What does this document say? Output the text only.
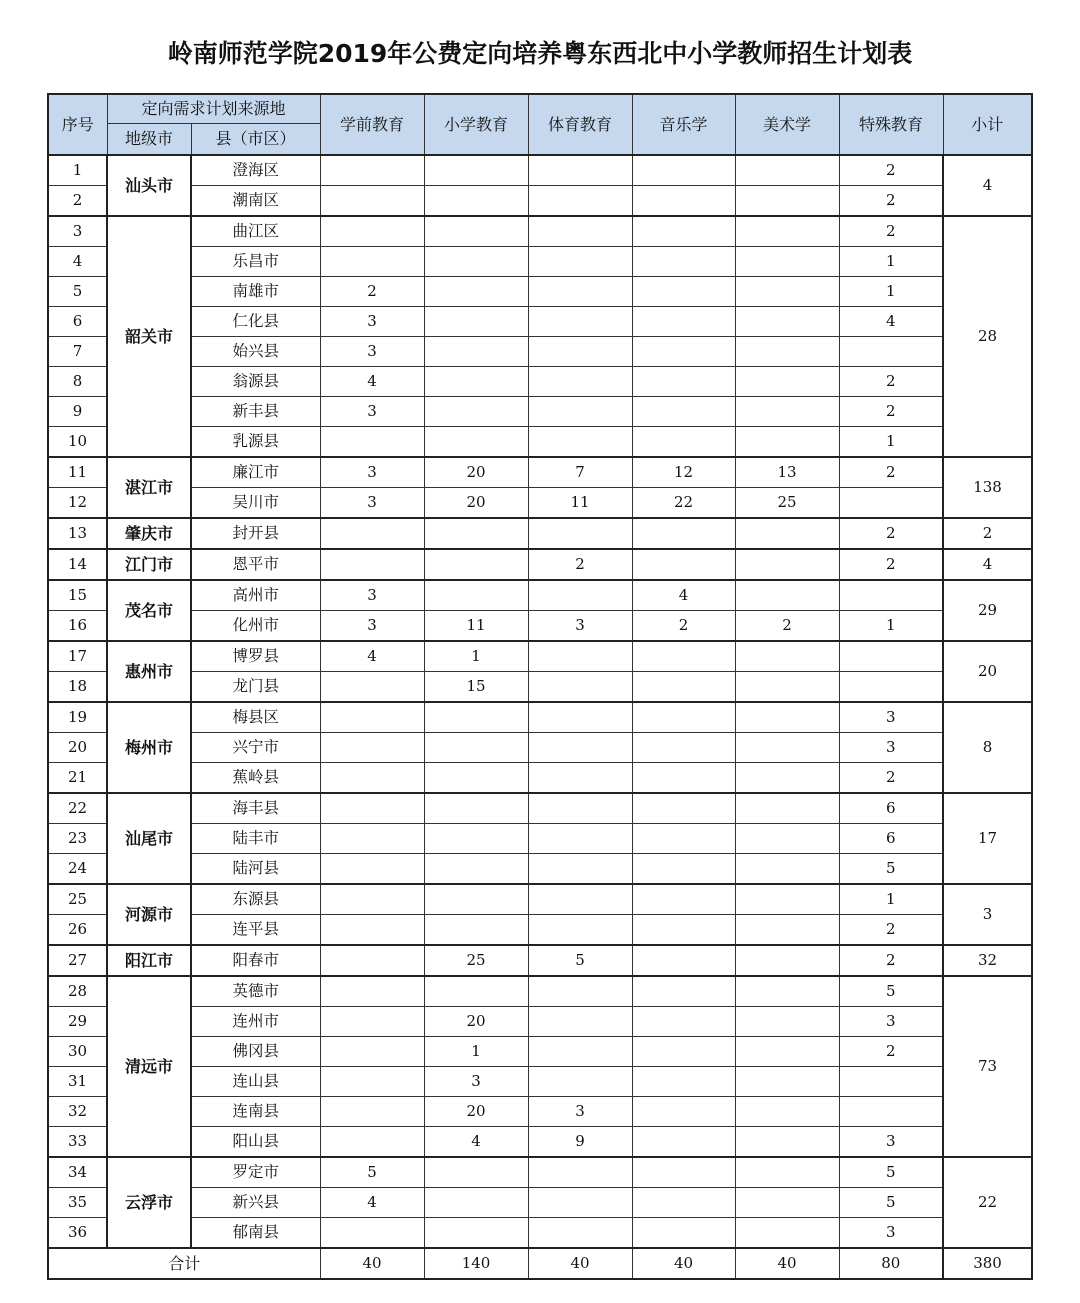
岭南师范学院2019年公费定向培养粤东西北中小学教师招生计划表
序号	定向需求计划来源地		学前教育	小学教育	体育教育	音乐学	美术学	特殊教育	小计
	地级市	县（市区）							
1	汕头市	澄海区						2	4
2		潮南区						2	
3	韶关市	曲江区						2	28
4		乐昌市						1	
5		南雄市	2					1	
6		仁化县	3					4	
7		始兴县	3						
8		翁源县	4					2	
9		新丰县	3					2	
10		乳源县						1	
11	湛江市	廉江市	3	20	7	12	13	2	138
12		吴川市	3	20	11	22	25		
13	肇庆市	封开县						2	2
14	江门市	恩平市			2			2	4
15	茂名市	高州市	3			4			29
16		化州市	3	11	3	2	2	1	
17	惠州市	博罗县	4	1					20
18		龙门县		15					
19	梅州市	梅县区						3	8
20		兴宁市						3	
21		蕉岭县						2	
22	汕尾市	海丰县						6	17
23		陆丰市						6	
24		陆河县						5	
25	河源市	东源县						1	3
26		连平县						2	
27	阳江市	阳春市		25	5			2	32
28	清远市	英德市						5	73
29		连州市		20				3	
30		佛冈县		1				2	
31		连山县		3					
32		连南县		20	3				
33		阳山县		4	9			3	
34	云浮市	罗定市	5					5	22
35		新兴县	4					5	
36		郁南县						3	
合计			40	140	40	40	40	80	380
